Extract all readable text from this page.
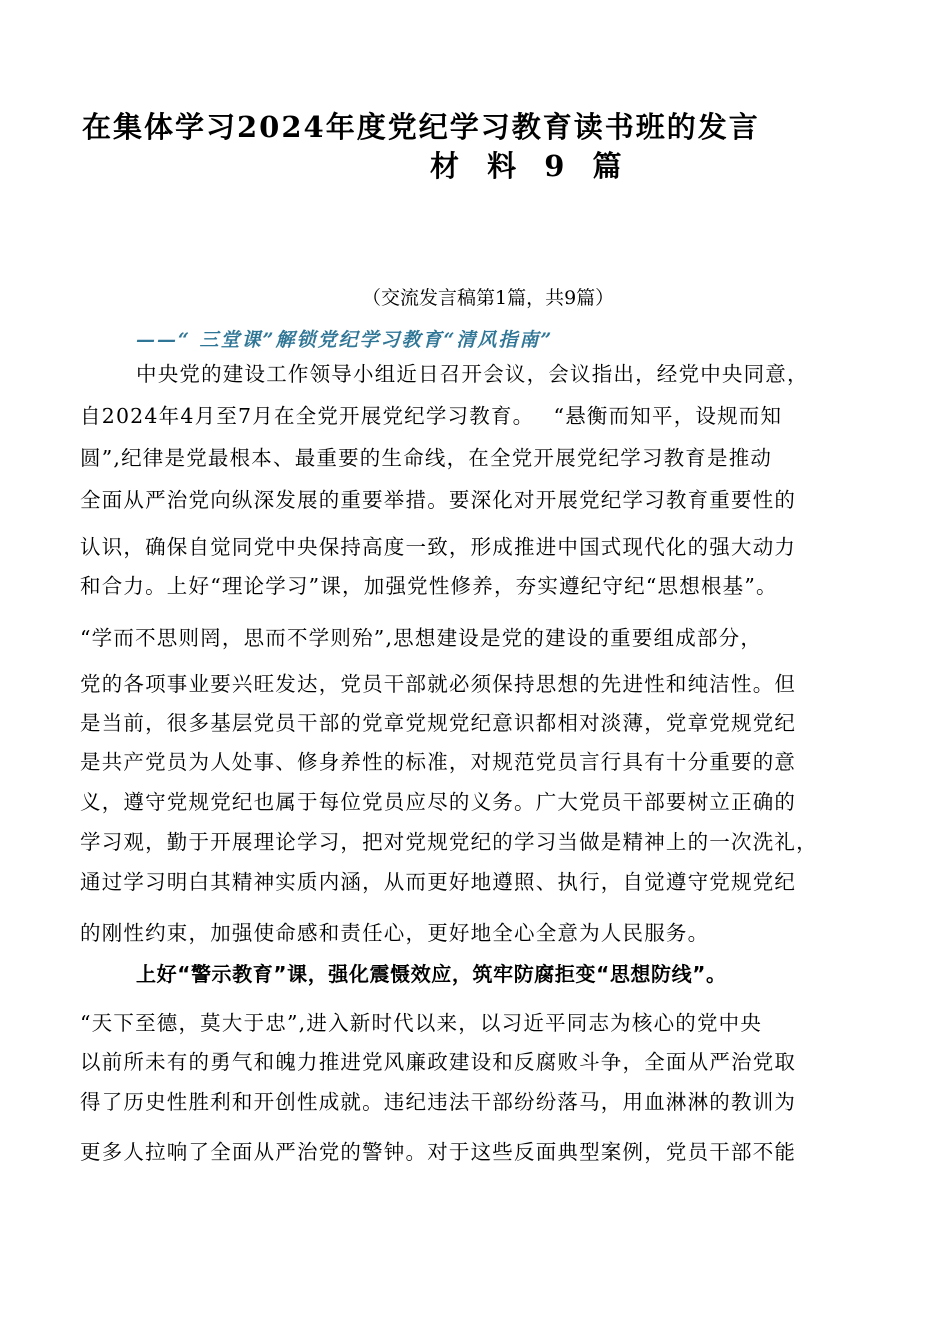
在集体学习2024年度党纪学习教育读书班的发言
材 料 9 篇
（交流发言稿第1篇，共9篇）
——“ 三堂课”解锁党纪学习教育“清风指南”
中央党的建设工作领导小组近日召开会议，会议指出，经党中央同意，
自2024年4月至7月在全党开展党纪学习教育。　 “悬衡而知平，设规而知
圆”,纪律是党最根本、最重要的生命线，在全党开展党纪学习教育是推动
全面从严治党向纵深发展的重要举措。要深化对开展党纪学习教育重要性的
认识，确保自觉同党中央保持高度一致，形成推进中国式现代化的强大动力
和合力。上好“理论学习”课，加强党性修养，夯实遵纪守纪“思想根基”。
“学而不思则罔，思而不学则殆”,思想建设是党的建设的重要组成部分，
党的各项事业要兴旺发达，党员干部就必须保持思想的先进性和纯洁性。但
是当前，很多基层党员干部的党章党规党纪意识都相对淡薄，党章党规党纪
是共产党员为人处事、修身养性的标准，对规范党员言行具有十分重要的意
义，遵守党规党纪也属于每位党员应尽的义务。广大党员干部要树立正确的
学习观，勤于开展理论学习，把对党规党纪的学习当做是精神上的一次洗礼，
通过学习明白其精神实质内涵，从而更好地遵照、执行，自觉遵守党规党纪
的刚性约束，加强使命感和责任心，更好地全心全意为人民服务。
上好“警示教育”课，强化震慑效应，筑牢防腐拒变“思想防线”。
“天下至德，莫大于忠”,进入新时代以来，以习近平同志为核心的党中央
以前所未有的勇气和魄力推进党风廉政建设和反腐败斗争，全面从严治党取
得了历史性胜利和开创性成就。违纪违法干部纷纷落马，用血淋淋的教训为
更多人拉响了全面从严治党的警钟。对于这些反面典型案例，党员干部不能
